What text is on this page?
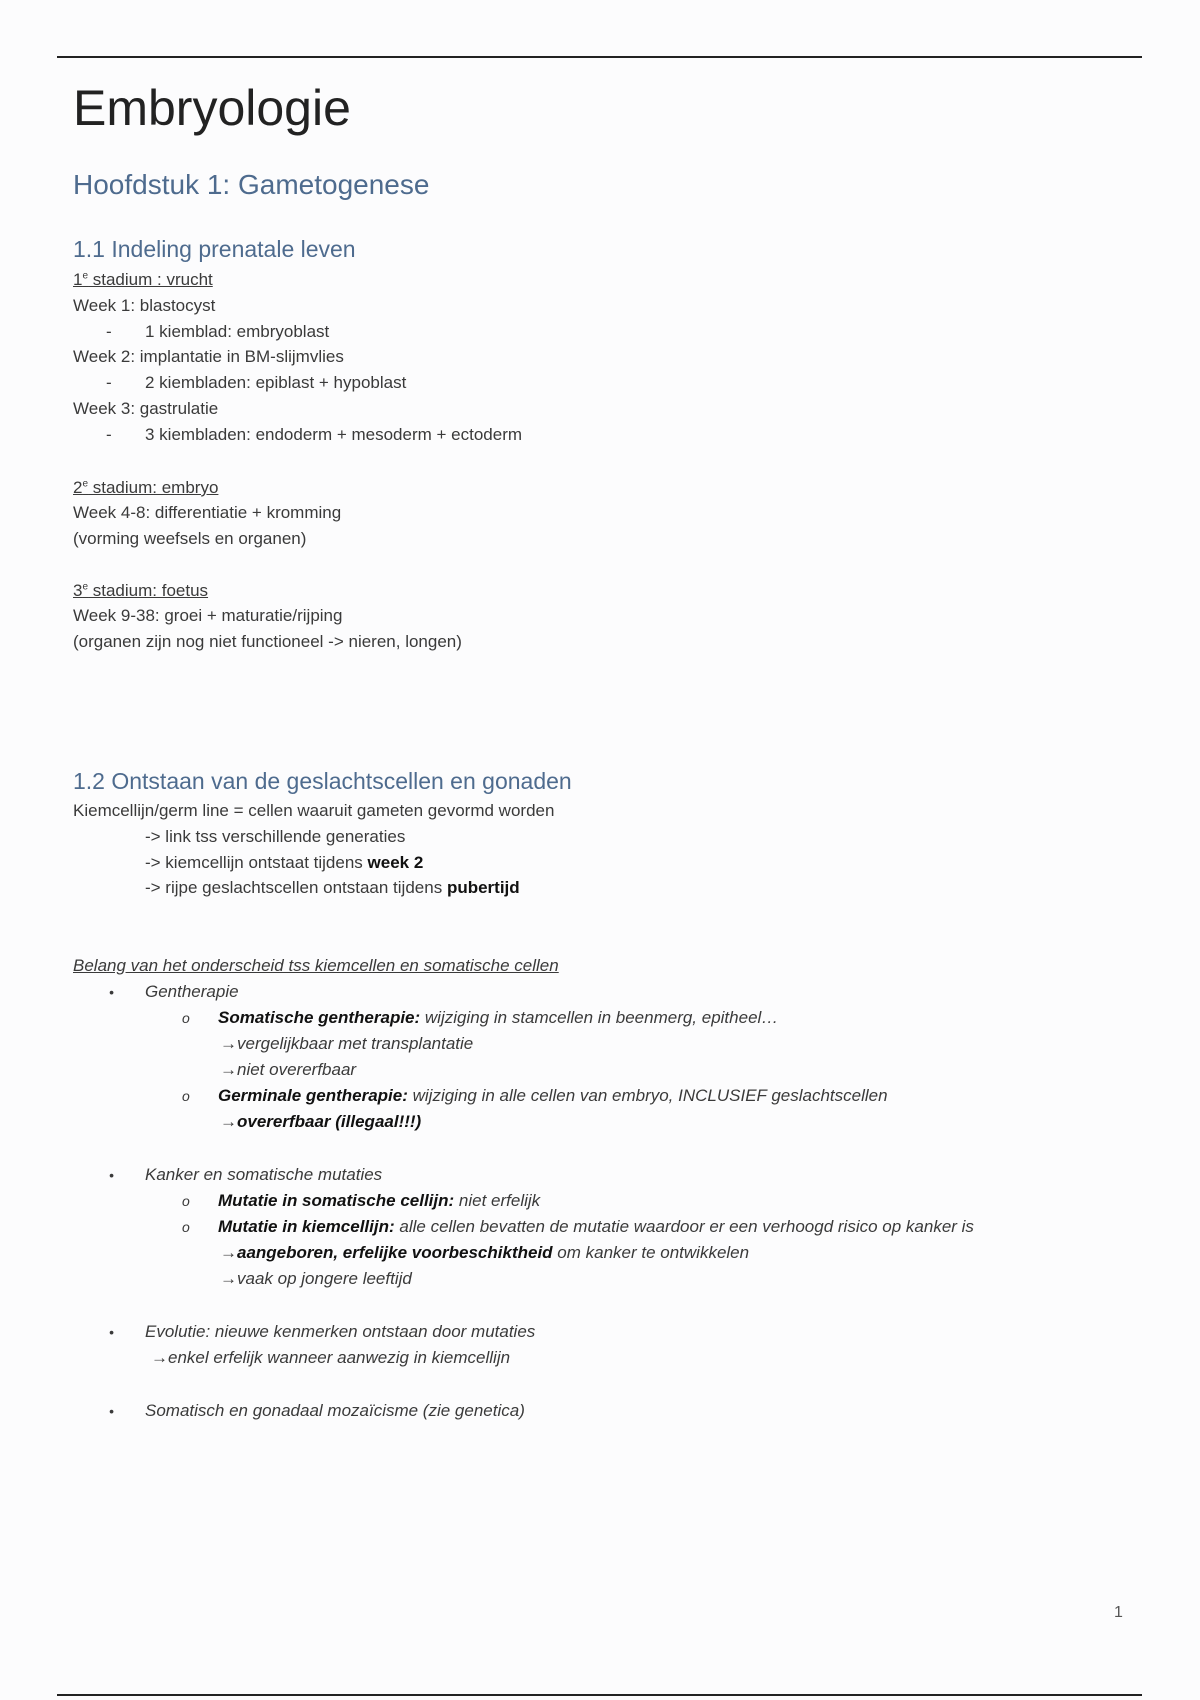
Embryologie
Hoofdstuk 1: Gametogenese
1.1 Indeling prenatale leven
1e stadium : vrucht
Week 1: blastocyst
- 1 kiemblad: embryoblast
Week 2: implantatie in BM-slijmvlies
- 2 kiembladen: epiblast + hypoblast
Week 3: gastrulatie
- 3 kiembladen: endoderm + mesoderm + ectoderm
2e stadium: embryo
Week 4-8: differentiatie + kromming
(vorming weefsels en organen)
3e stadium: foetus
Week 9-38: groei + maturatie/rijping
(organen zijn nog niet functioneel -> nieren, longen)
1.2 Ontstaan van de geslachtscellen en gonaden
Kiemcellijn/germ line = cellen waaruit gameten gevormd worden
-> link tss verschillende generaties
-> kiemcellijn ontstaat tijdens week 2
-> rijpe geslachtscellen ontstaan tijdens pubertijd
Belang van het onderscheid tss kiemcellen en somatische cellen
• Gentherapie
o Somatische gentherapie: wijziging in stamcellen in beenmerg, epitheel…
→vergelijkbaar met transplantatie
→niet overerfbaar
o Germinale gentherapie: wijziging in alle cellen van embryo, INCLUSIEF geslachtscellen
→overerfbaar (illegaal!!!)
• Kanker en somatische mutaties
o Mutatie in somatische cellijn: niet erfelijk
o Mutatie in kiemcellijn: alle cellen bevatten de mutatie waardoor er een verhoogd risico op kanker is
→aangeboren, erfelijke voorbeschiktheid om kanker te ontwikkelen
→vaak op jongere leeftijd
• Evolutie: nieuwe kenmerken ontstaan door mutaties
→enkel erfelijk wanneer aanwezig in kiemcellijn
• Somatisch en gonadaal mozaïcisme (zie genetica)
1
